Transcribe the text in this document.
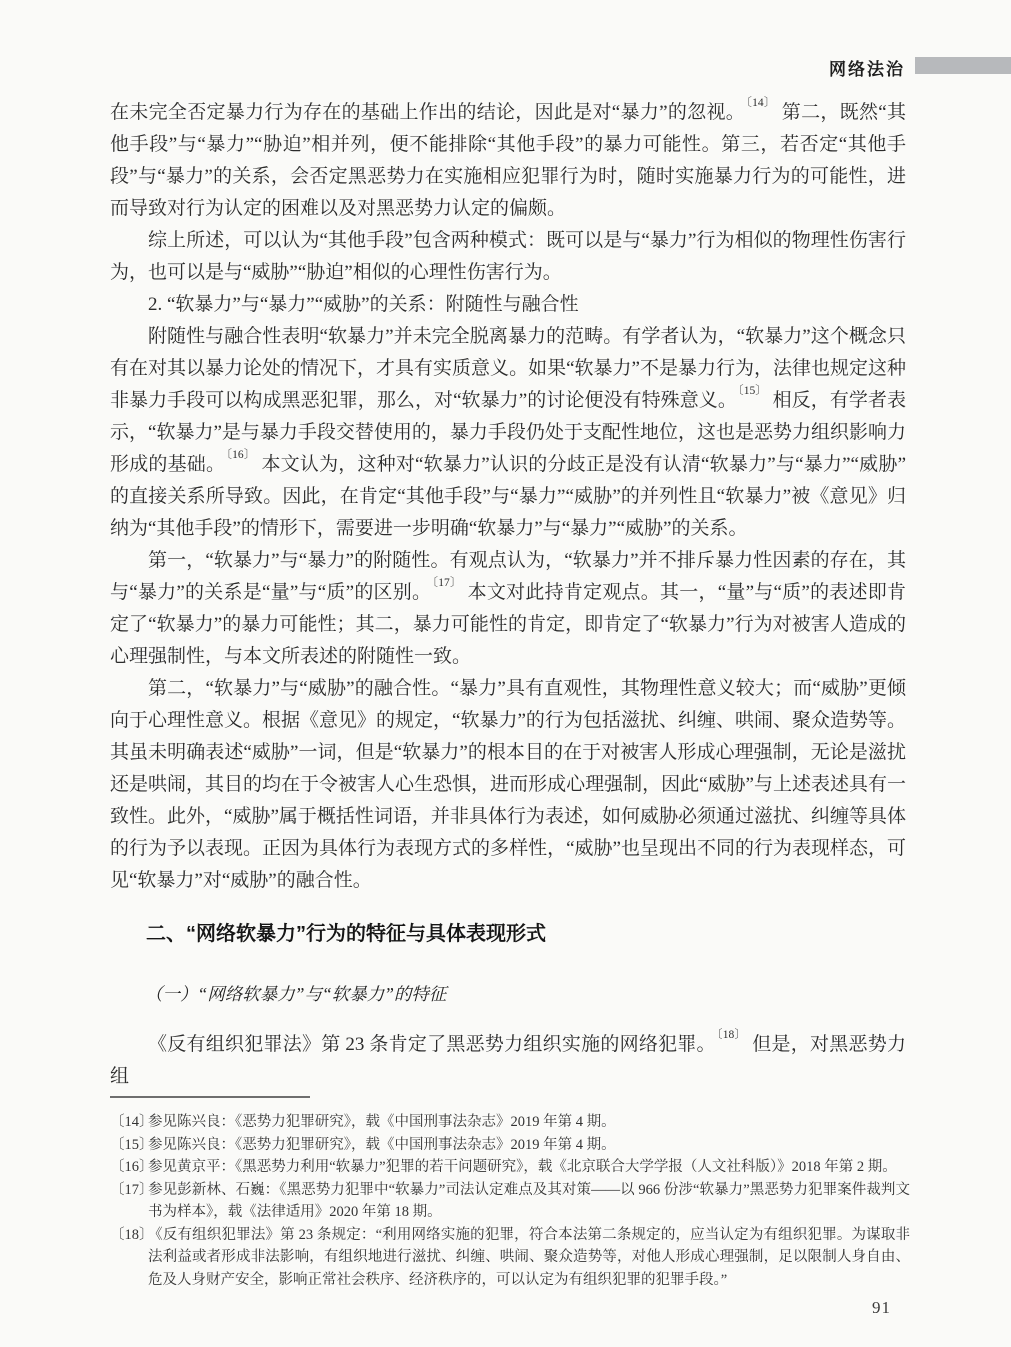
网络法治

在未完全否定暴力行为存在的基础上作出的结论，因此是对“暴力”的忽视。$^{〔14〕}$ 第二，既然“其他手段”与“暴力”“胁迫”相并列，便不能排除“其他手段”的暴力可能性。第三，若否定“其他手段”与“暴力”的关系，会否定黑恶势力在实施相应犯罪行为时，随时实施暴力行为的可能性，进而导致对行为认定的困难以及对黑恶势力认定的偏颇。

综上所述，可以认为“其他手段”包含两种模式：既可以是与“暴力”行为相似的物理性伤害行为，也可以是与“威胁”“胁迫”相似的心理性伤害行为。

2. “软暴力”与“暴力”“威胁”的关系：附随性与融合性

附随性与融合性表明“软暴力”并未完全脱离暴力的范畴。有学者认为，“软暴力”这个概念只有在对其以暴力论处的情况下，才具有实质意义。如果“软暴力”不是暴力行为，法律也规定这种非暴力手段可以构成黑恶犯罪，那么，对“软暴力”的讨论便没有特殊意义。$^{〔15〕}$ 相反，有学者表示，“软暴力”是与暴力手段交替使用的，暴力手段仍处于支配性地位，这也是恶势力组织影响力形成的基础。$^{〔16〕}$ 本文认为，这种对“软暴力”认识的分歧正是没有认清“软暴力”与“暴力”“威胁”的直接关系所导致。因此，在肯定“其他手段”与“暴力”“威胁”的并列性且“软暴力”被《意见》归纳为“其他手段”的情形下，需要进一步明确“软暴力”与“暴力”“威胁”的关系。

第一，“软暴力”与“暴力”的附随性。有观点认为，“软暴力”并不排斥暴力性因素的存在，其与“暴力”的关系是“量”与“质”的区别。$^{〔17〕}$ 本文对此持肯定观点。其一，“量”与“质”的表述即肯定了“软暴力”的暴力可能性；其二，暴力可能性的肯定，即肯定了“软暴力”行为对被害人造成的心理强制性，与本文所表述的附随性一致。

第二，“软暴力”与“威胁”的融合性。“暴力”具有直观性，其物理性意义较大；而“威胁”更倾向于心理性意义。根据《意见》的规定，“软暴力”的行为包括滋扰、纠缠、哄闹、聚众造势等。其虽未明确表述“威胁”一词，但是“软暴力”的根本目的在于对被害人形成心理强制，无论是滋扰还是哄闹，其目的均在于令被害人心生恐惧，进而形成心理强制，因此“威胁”与上述表述具有一致性。此外，“威胁”属于概括性词语，并非具体行为表述，如何威胁必须通过滋扰、纠缠等具体的行为予以表现。正因为具体行为表现方式的多样性，“威胁”也呈现出不同的行为表现样态，可见“软暴力”对“威胁”的融合性。

二、“网络软暴力”行为的特征与具体表现形式

（一）“网络软暴力”与“软暴力”的特征

《反有组织犯罪法》第 23 条肯定了黑恶势力组织实施的网络犯罪。$^{〔18〕}$ 但是，对黑恶势力组

〔14〕参见陈兴良：《恶势力犯罪研究》，载《中国刑事法杂志》2019 年第 4 期。

〔15〕参见陈兴良：《恶势力犯罪研究》，载《中国刑事法杂志》2019 年第 4 期。

〔16〕参见黄京平：《黑恶势力利用“软暴力”犯罪的若干问题研究》，载《北京联合大学学报（人文社科版）》2018 年第 2 期。

〔17〕参见彭新林、石巍：《黑恶势力犯罪中“软暴力”司法认定难点及其对策——以 966 份涉“软暴力”黑恶势力犯罪案件裁判文书为样本》，载《法律适用》2020 年第 18 期。

〔18〕《反有组织犯罪法》第 23 条规定：“利用网络实施的犯罪，符合本法第二条规定的，应当认定为有组织犯罪。为谋取非法利益或者形成非法影响，有组织地进行滋扰、纠缠、哄闹、聚众造势等，对他人形成心理强制，足以限制人身自由、危及人身财产安全，影响正常社会秩序、经济秩序的，可以认定为有组织犯罪的犯罪手段。”

91
